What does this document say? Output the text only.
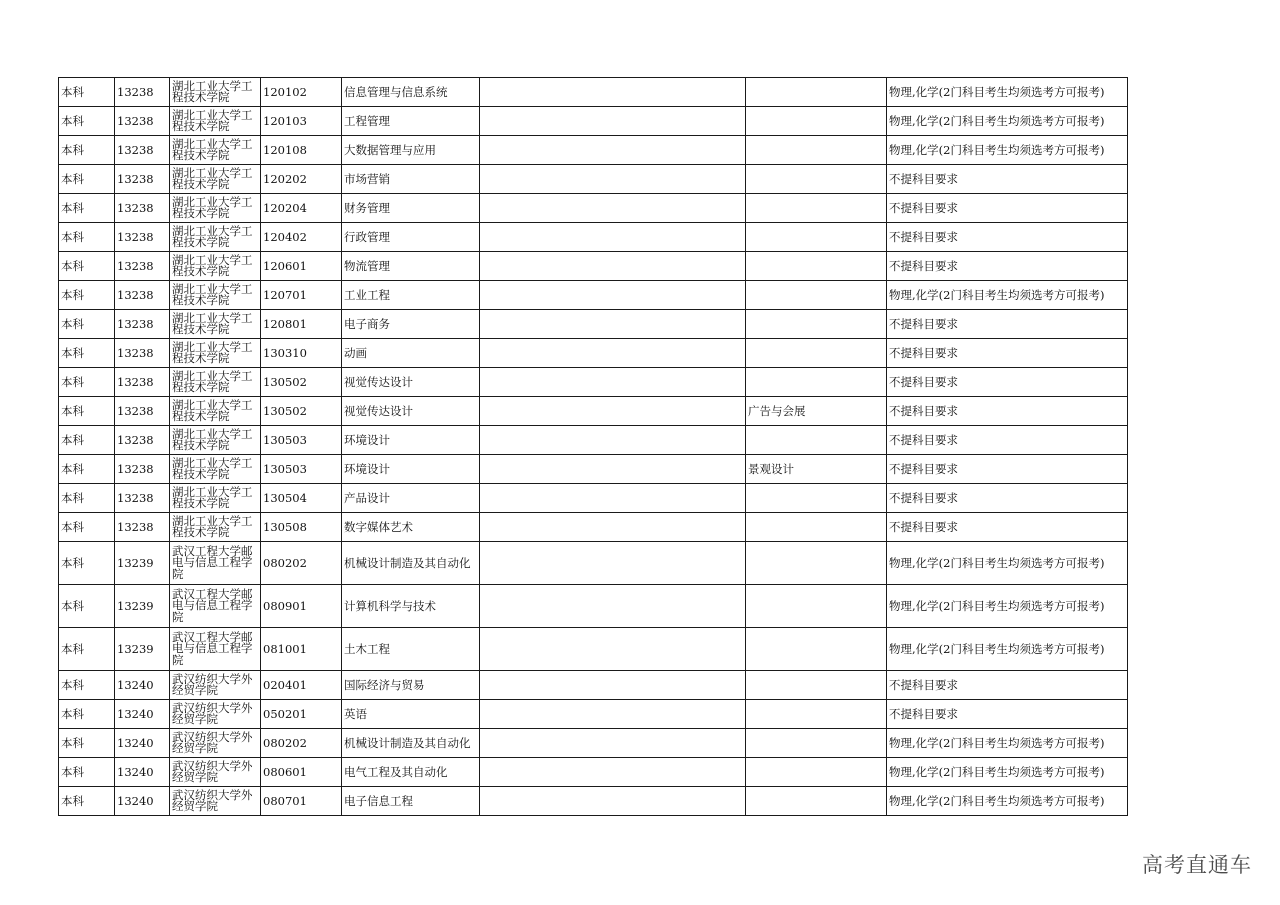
本科	13238	湖北工业大学工程技术学院	120102	信息管理与信息系统			物理,化学(2门科目考生均须选考方可报考)
本科	13238	湖北工业大学工程技术学院	120103	工程管理			物理,化学(2门科目考生均须选考方可报考)
本科	13238	湖北工业大学工程技术学院	120108	大数据管理与应用			物理,化学(2门科目考生均须选考方可报考)
本科	13238	湖北工业大学工程技术学院	120202	市场营销			不提科目要求
本科	13238	湖北工业大学工程技术学院	120204	财务管理			不提科目要求
本科	13238	湖北工业大学工程技术学院	120402	行政管理			不提科目要求
本科	13238	湖北工业大学工程技术学院	120601	物流管理			不提科目要求
本科	13238	湖北工业大学工程技术学院	120701	工业工程			物理,化学(2门科目考生均须选考方可报考)
本科	13238	湖北工业大学工程技术学院	120801	电子商务			不提科目要求
本科	13238	湖北工业大学工程技术学院	130310	动画			不提科目要求
本科	13238	湖北工业大学工程技术学院	130502	视觉传达设计			不提科目要求
本科	13238	湖北工业大学工程技术学院	130502	视觉传达设计		广告与会展	不提科目要求
本科	13238	湖北工业大学工程技术学院	130503	环境设计			不提科目要求
本科	13238	湖北工业大学工程技术学院	130503	环境设计		景观设计	不提科目要求
本科	13238	湖北工业大学工程技术学院	130504	产品设计			不提科目要求
本科	13238	湖北工业大学工程技术学院	130508	数字媒体艺术			不提科目要求
本科	13239	武汉工程大学邮电与信息工程学院	080202	机械设计制造及其自动化			物理,化学(2门科目考生均须选考方可报考)
本科	13239	武汉工程大学邮电与信息工程学院	080901	计算机科学与技术			物理,化学(2门科目考生均须选考方可报考)
本科	13239	武汉工程大学邮电与信息工程学院	081001	土木工程			物理,化学(2门科目考生均须选考方可报考)
本科	13240	武汉纺织大学外经贸学院	020401	国际经济与贸易			不提科目要求
本科	13240	武汉纺织大学外经贸学院	050201	英语			不提科目要求
本科	13240	武汉纺织大学外经贸学院	080202	机械设计制造及其自动化			物理,化学(2门科目考生均须选考方可报考)
本科	13240	武汉纺织大学外经贸学院	080601	电气工程及其自动化			物理,化学(2门科目考生均须选考方可报考)
本科	13240	武汉纺织大学外经贸学院	080701	电子信息工程			物理,化学(2门科目考生均须选考方可报考)
高考直通车
